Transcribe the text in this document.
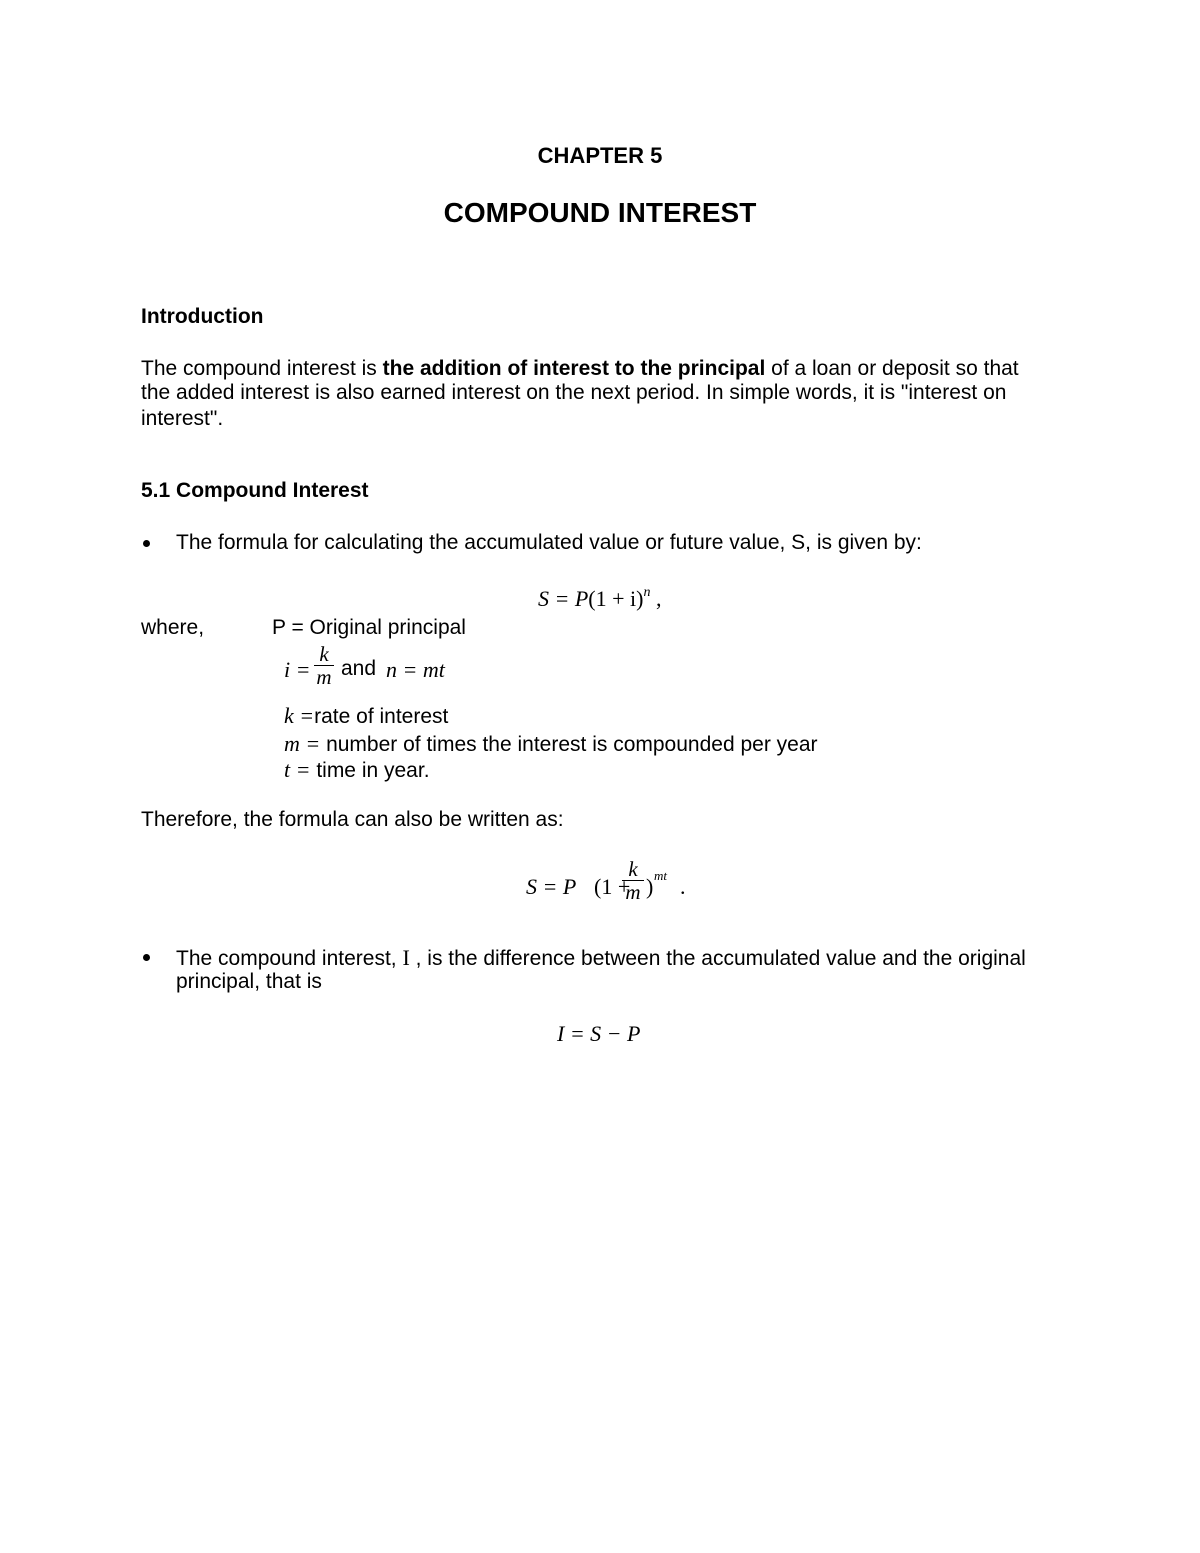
CHAPTER 5
COMPOUND INTEREST
Introduction
The compound interest is the addition of interest to the principal of a loan or deposit so that
the added interest is also earned interest on the next period. In simple words, it is "interest on
interest".
5.1 Compound Interest
The formula for calculating the accumulated value or future value, S, is given by:
$S = P(1 + i)^n$ ,
where,	P = Original principal
i =
k
m and n = mt
k =rate of interest
m = number of times the interest is compounded per year
t = time in year.
Therefore, the formula can also be written as:
S = P (1 +
k
m ) mt .
The compound interest, I , is the difference between the accumulated value and the original
principal, that is
I = S − P
